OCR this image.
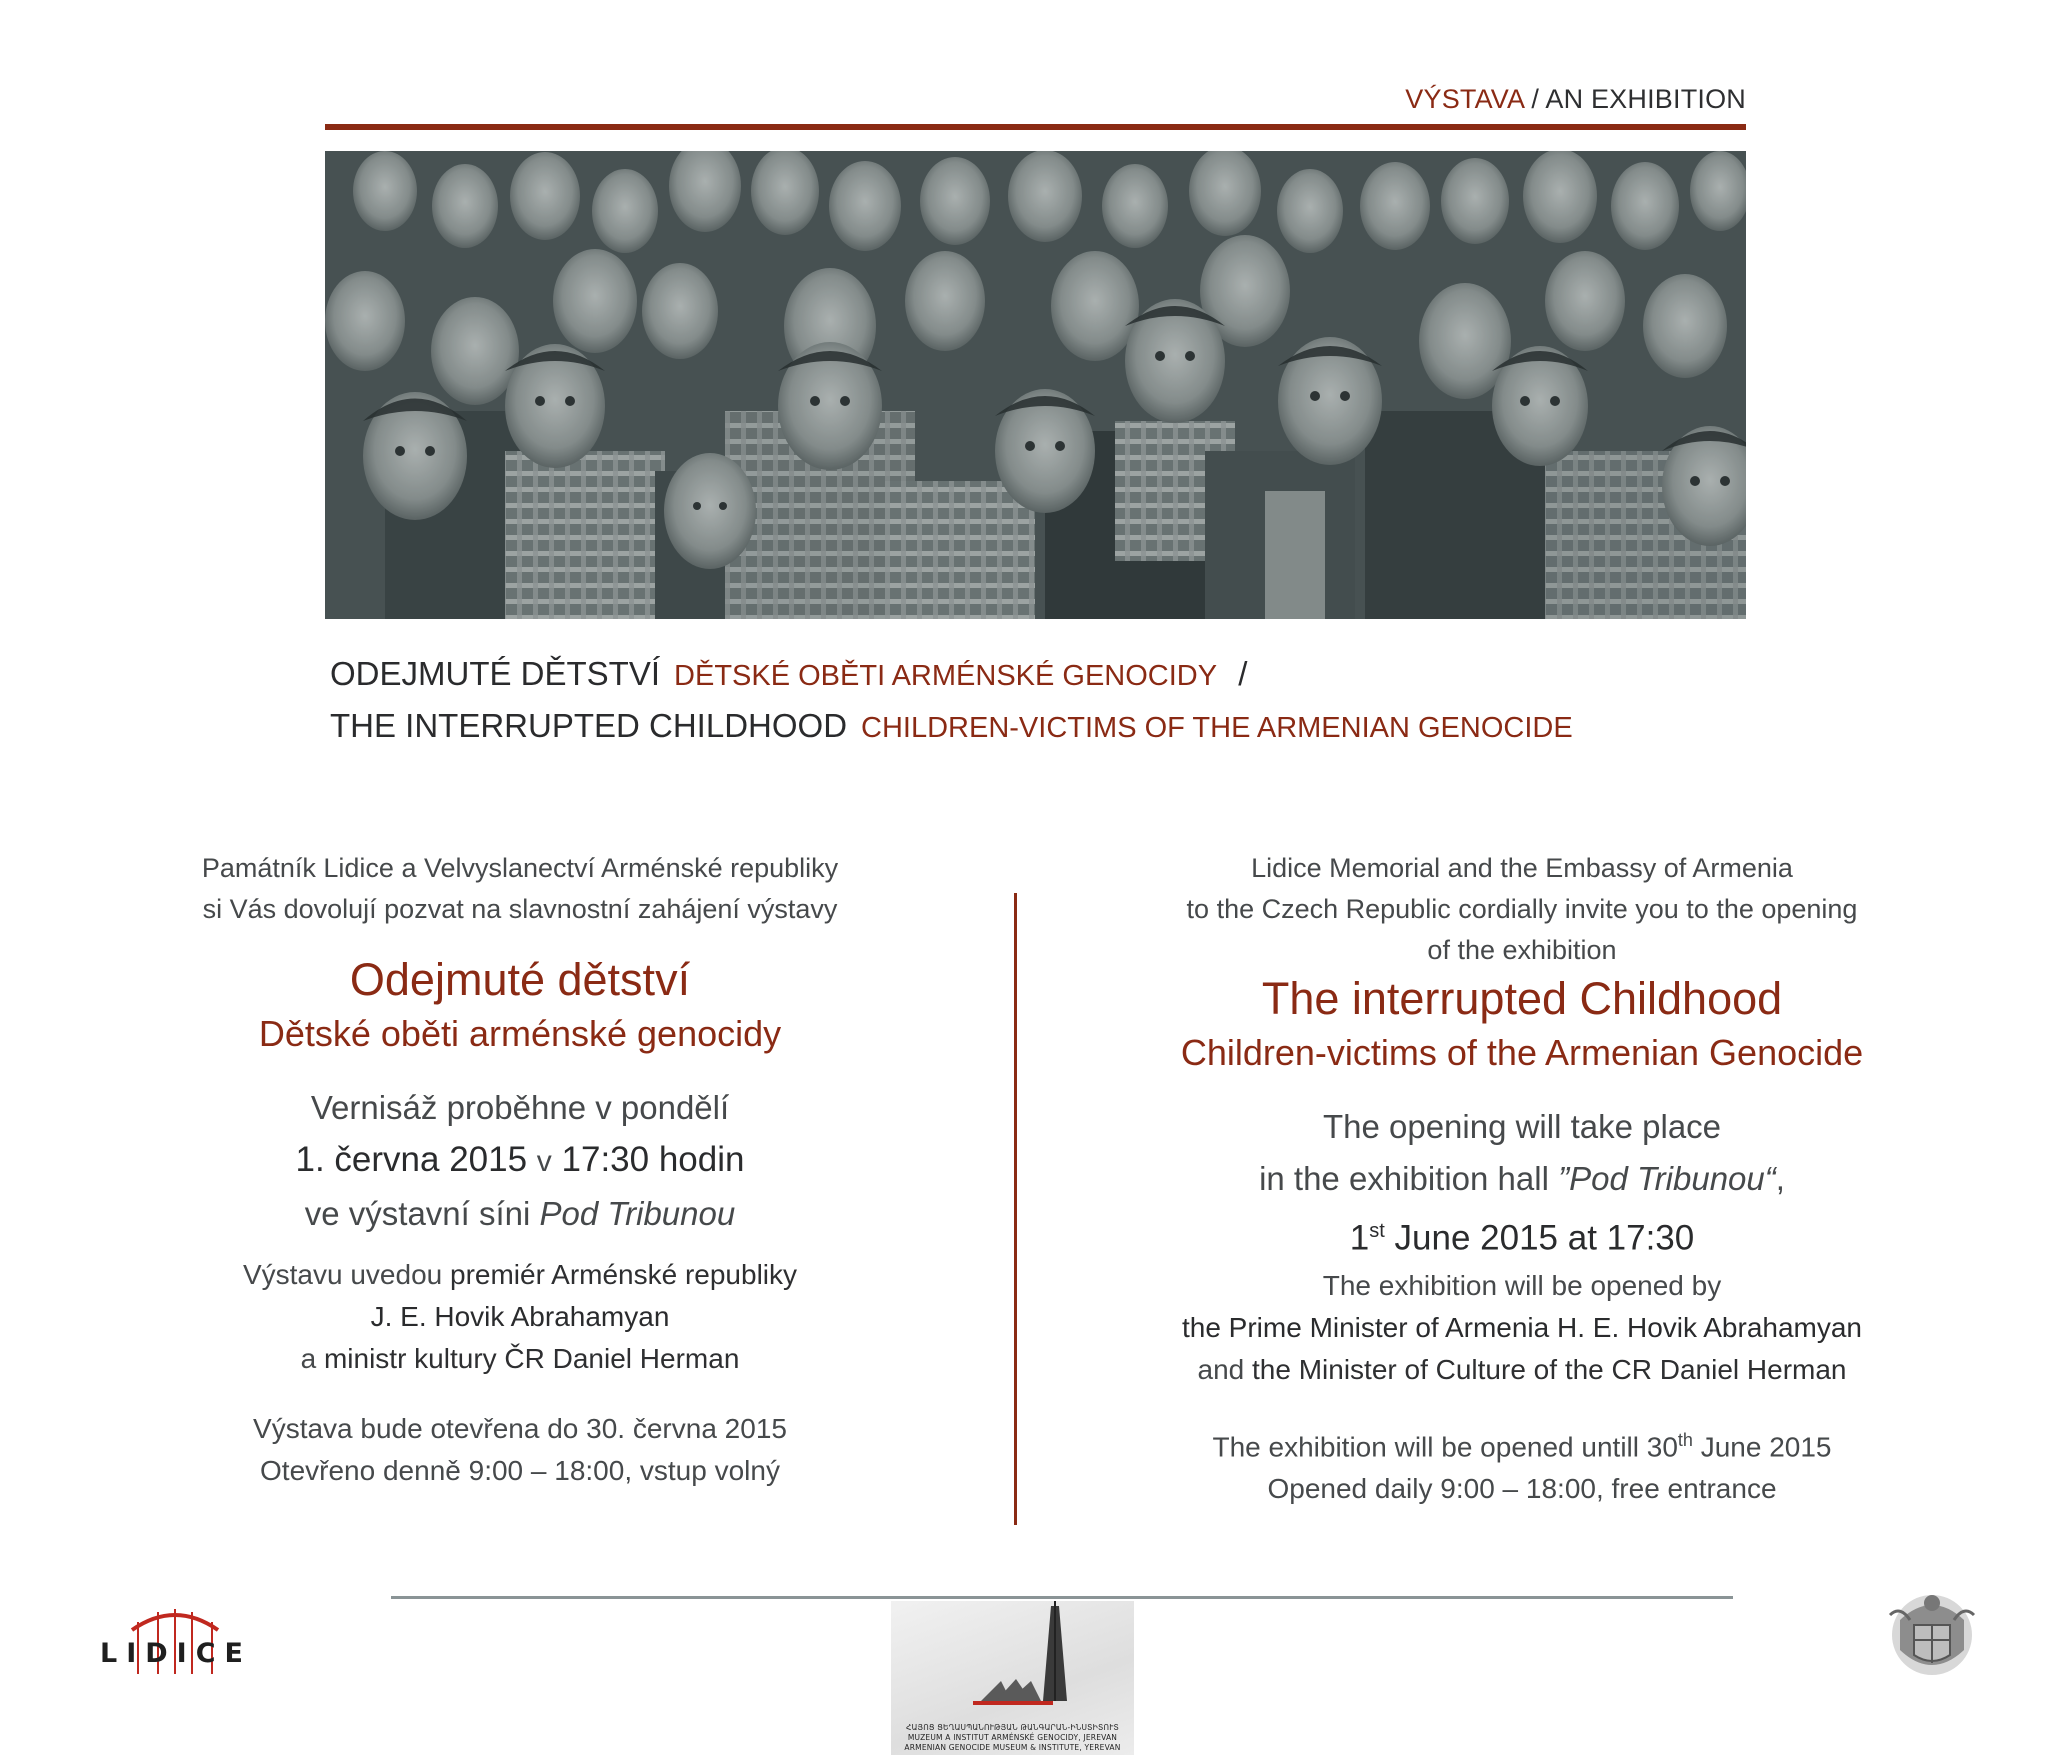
VÝSTAVA / AN EXHIBITION
ODEJMUTÉ DĚTSTVÍ DĚTSKÉ OBĚTI ARMÉNSKÉ GENOCIDY /
THE INTERRUPTED CHILDHOOD CHILDREN-VICTIMS OF THE ARMENIAN GENOCIDE
Památník Lidice a Velvyslanectví Arménské republiky
si Vás dovolují pozvat na slavnostní zahájení výstavy
Odejmuté dětství
Dětské oběti arménské genocidy
Vernisáž proběhne v pondělí
1. června 2015 v 17:30 hodin
ve výstavní síni Pod Tribunou
Výstavu uvedou premiér Arménské republiky
J. E. Hovik Abrahamyan
a ministr kultury ČR Daniel Herman
Výstava bude otevřena do 30. června 2015
Otevřeno denně 9:00 – 18:00, vstup volný
Lidice Memorial and the Embassy of Armenia
to the Czech Republic cordially invite you to the opening
of the exhibition
The interrupted Childhood
Children-victims of the Armenian Genocide
The opening will take place
in the exhibition hall ”Pod Tribunou“,
1st June 2015 at 17:30
The exhibition will be opened by
the Prime Minister of Armenia H. E. Hovik Abrahamyan
and the Minister of Culture of the CR Daniel Herman
The exhibition will be opened untill 30th June 2015
Opened daily 9:00 – 18:00, free entrance
LIDICE
ՀԱՅՈՑ ՑԵՂԱՍՊԱՆՈՒԹՅԱՆ ԹԱՆԳԱՐԱՆ-ԻՆՍՏԻՏՈՒՏ
MUZEUM A INSTITUT ARMÉNSKÉ GENOCIDY, JEREVAN
ARMENIAN GENOCIDE MUSEUM & INSTITUTE, YEREVAN
